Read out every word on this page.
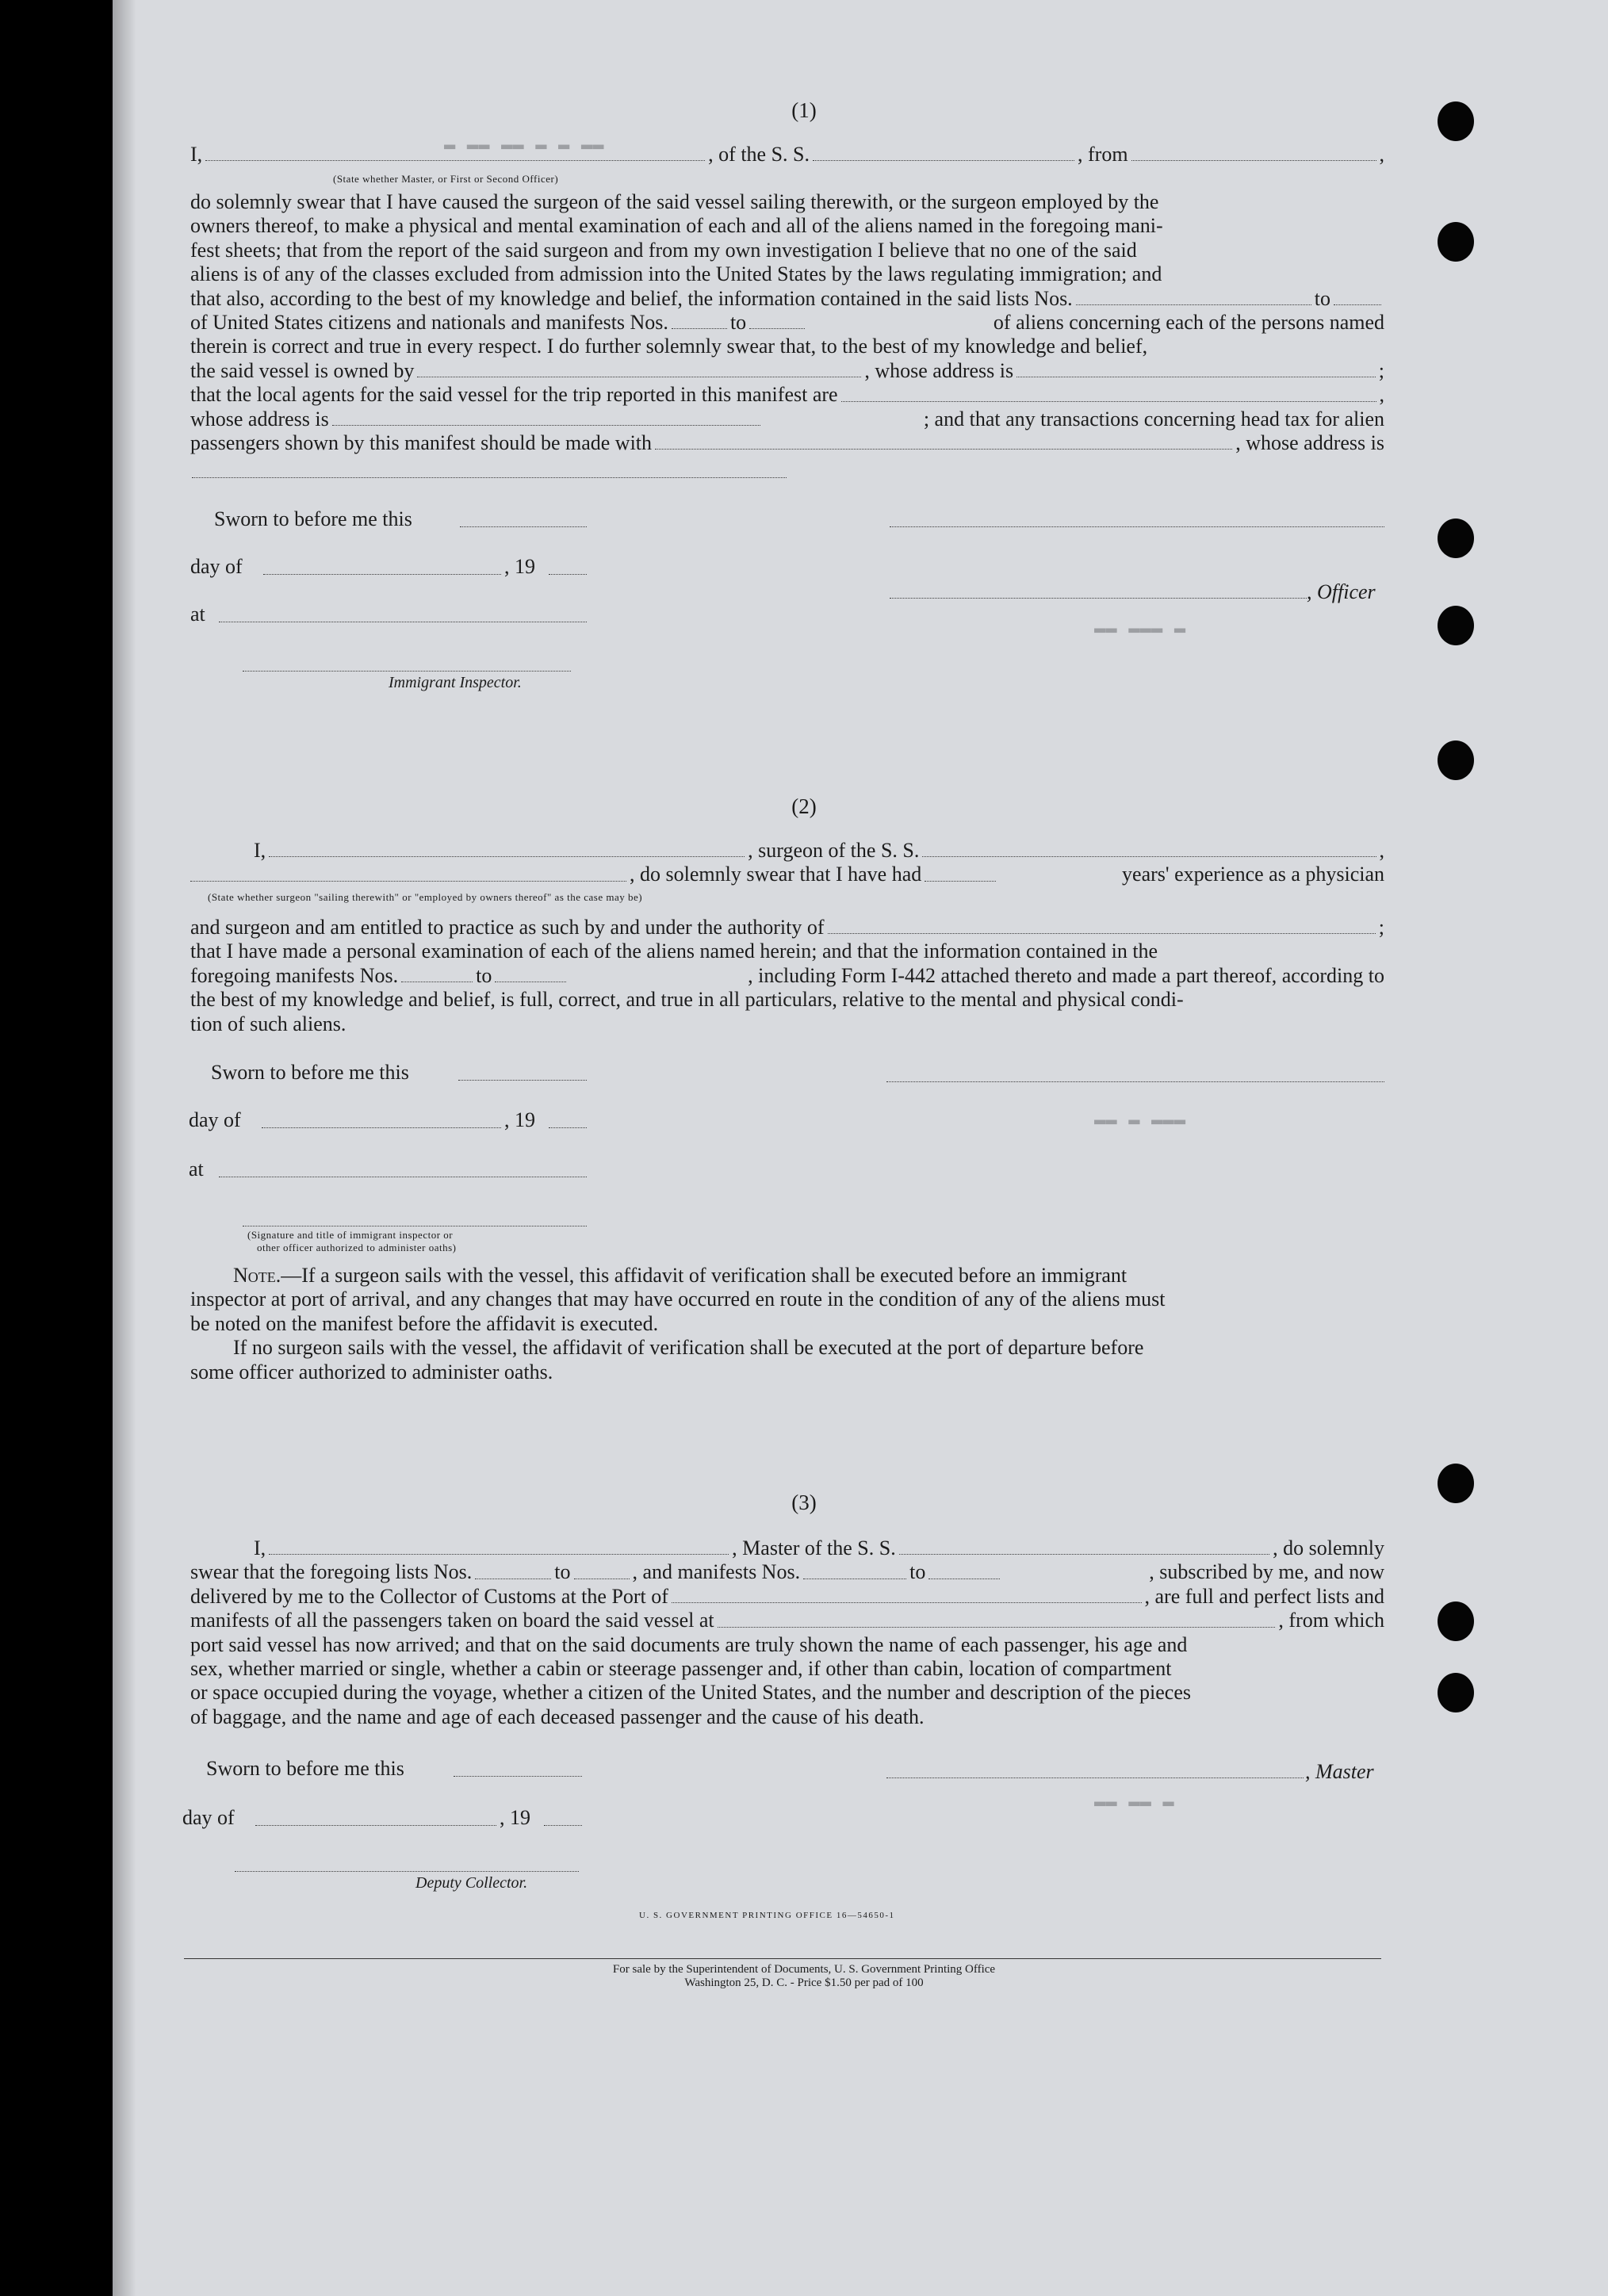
▬ ▬▬ ▬▬ ▬ ▬ ▬▬
▬▬ ▬▬▬ ▬
▬▬ ▬ ▬▬▬
▬▬ ▬▬ ▬
(1)
I,	, of the S. S.	, from	,
(State whether Master, or First or Second Officer)
do solemnly swear that I have caused the surgeon of the said vessel sailing therewith, or the surgeon employed by the
owners thereof, to make a physical and mental examination of each and all of the aliens named in the foregoing mani-
fest sheets; that from the report of the said surgeon and from my own investigation I believe that no one of the said
aliens is of any of the classes excluded from admission into the United States by the laws regulating immigration; and
that also, according to the best of my knowledge and belief, the information contained in the said lists Nos.	to
of United States citizens and nationals and manifests Nos.	to	of aliens concerning each of the persons named
therein is correct and true in every respect. I do further solemnly swear that, to the best of my knowledge and belief,
the said vessel is owned by	, whose address is	;
that the local agents for the said vessel for the trip reported in this manifest are	,
whose address is	; and that any transactions concerning head tax for alien
passengers shown by this manifest should be made with	, whose address is
Sworn to before me this
day of	, 19
at
Immigrant Inspector.
, Officer
(2)
I,	, surgeon of the S. S.	,
, do solemnly swear that I have had	years' experience as a physician
(State whether surgeon "sailing therewith" or "employed by owners thereof" as the case may be)
and surgeon and am entitled to practice as such by and under the authority of	;
that I have made a personal examination of each of the aliens named herein; and that the information contained in the
foregoing manifests Nos.	to	, including Form I-442 attached thereto and made a part thereof, according to
the best of my knowledge and belief, is full, correct, and true in all particulars, relative to the mental and physical condi-
tion of such aliens.
Sworn to before me this
day of	, 19
at
(Signature and title of immigrant inspector or
other officer authorized to administer oaths)
Note.—If a surgeon sails with the vessel, this affidavit of verification shall be executed before an immigrant
inspector at port of arrival, and any changes that may have occurred en route in the condition of any of the aliens must
be noted on the manifest before the affidavit is executed.
If no surgeon sails with the vessel, the affidavit of verification shall be executed at the port of departure before
some officer authorized to administer oaths.
(3)
I,	, Master of the S. S.	, do solemnly
swear that the foregoing lists Nos.	to	, and manifests Nos.	to	, subscribed by me, and now
delivered by me to the Collector of Customs at the Port of	, are full and perfect lists and
manifests of all the passengers taken on board the said vessel at	, from which
port said vessel has now arrived; and that on the said documents are truly shown the name of each passenger, his age and
sex, whether married or single, whether a cabin or steerage passenger and, if other than cabin, location of compartment
or space occupied during the voyage, whether a citizen of the United States, and the number and description of the pieces
of baggage, and the name and age of each deceased passenger and the cause of his death.
Sworn to before me this	, Master
day of	, 19
Deputy Collector.
U. S. GOVERNMENT PRINTING OFFICE 16—54650-1
For sale by the Superintendent of Documents, U. S. Government Printing Office
Washington 25, D. C. - Price $1.50 per pad of 100
